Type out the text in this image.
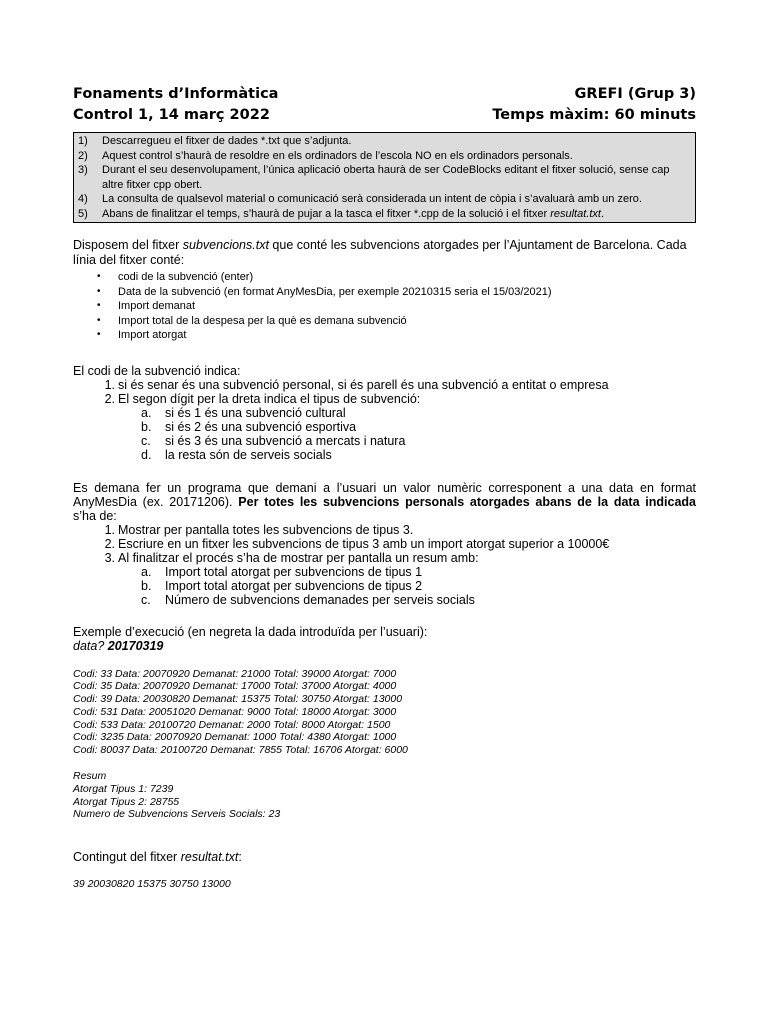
Fonaments d’Informàtica	GREFI (Grup 3)
Control 1, 14 març 2022	Temps màxim: 60 minuts
1)	Descarregueu el fitxer de dades *.txt que s’adjunta.
2)	Aquest control s’haurà de resoldre en els ordinadors de l’escola NO en els ordinadors personals.
3)	Durant el seu desenvolupament, l’única aplicació oberta haurà de ser CodeBlocks editant el fitxer solució, sense cap altre fitxer cpp obert.
4)	La consulta de qualsevol material o comunicació serà considerada un intent de còpia i s’avaluarà amb un zero.
5)	Abans de finalitzar el temps, s’haurà de pujar a la tasca el fitxer *.cpp de la solució i el fitxer resultat.txt.
Disposem del fitxer subvencions.txt que conté les subvencions atorgades per l’Ajuntament de Barcelona. Cada línia del fitxer conté:
• codi de la subvenció (enter)
• Data de la subvenció (en format AnyMesDia, per exemple 20210315 seria el 15/03/2021)
• Import demanat
• Import total de la despesa per la què es demana subvenció
• Import atorgat
El codi de la subvenció indica:
1. si és senar és una subvenció personal, si és parell és una subvenció a entitat o empresa
2. El segon dígit per la dreta indica el tipus de subvenció:
a.	si és 1 és una subvenció cultural
b.	si és 2 és una subvenció esportiva
c.	si és 3 és una subvenció a mercats i natura
d.	la resta són de serveis socials
Es demana fer un programa que demani a l’usuari un valor numèric corresponent a una data en format
AnyMesDia (ex. 20171206). Per totes les subvencions personals atorgades abans de la data indicada
s’ha de:
1. Mostrar per pantalla totes les subvencions de tipus 3.
2. Escriure en un fitxer les subvencions de tipus 3 amb un import atorgat superior a 10000€
3. Al finalitzar el procés s’ha de mostrar per pantalla un resum amb:
a.	Import total atorgat per subvencions de tipus 1
b.	Import total atorgat per subvencions de tipus 2
c.	Número de subvencions demanades per serveis socials
Exemple d’execució (en negreta la dada introduïda per l’usuari):
data? 20170319
Codi: 33 Data: 20070920 Demanat: 21000 Total: 39000 Atorgat: 7000
Codi: 35 Data: 20070920 Demanat: 17000 Total: 37000 Atorgat: 4000
Codi: 39 Data: 20030820 Demanat: 15375 Total: 30750 Atorgat: 13000
Codi: 531 Data: 20051020 Demanat: 9000 Total: 18000 Atorgat: 3000
Codi: 533 Data: 20100720 Demanat: 2000 Total: 8000 Atorgat: 1500
Codi: 3235 Data: 20070920 Demanat: 1000 Total: 4380 Atorgat: 1000
Codi: 80037 Data: 20100720 Demanat: 7855 Total: 16706 Atorgat: 6000
Resum
Atorgat Tipus 1: 7239
Atorgat Tipus 2: 28755
Numero de Subvencions Serveis Socials: 23
Contingut del fitxer resultat.txt:
39 20030820 15375 30750 13000
